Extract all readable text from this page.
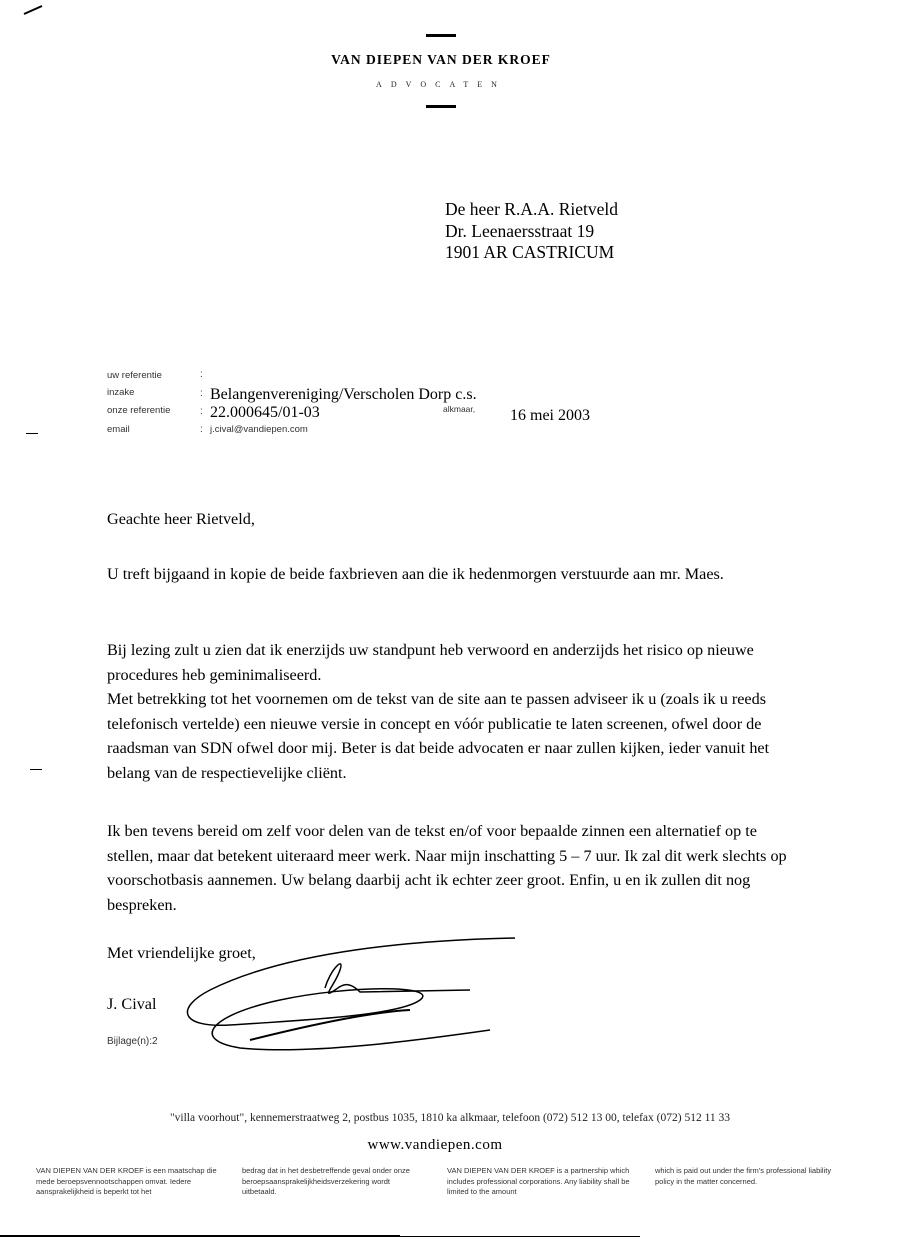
VAN DIEPEN VAN DER KROEF
ADVOCATEN
De heer R.A.A. Rietveld
Dr. Leenaersstraat 19
1901 AR CASTRICUM
uw referentie	:
inzake	: Belangenvereniging/Verscholen Dorp c.s.
onze referentie	: 22.000645/01-03
email	: j.cival@vandiepen.com
alkmaar, 16 mei 2003
Geachte heer Rietveld,
U treft bijgaand in kopie de beide faxbrieven aan die ik hedenmorgen verstuurde aan mr. Maes.

Bij lezing zult u zien dat ik enerzijds uw standpunt heb verwoord en anderzijds het risico op nieuwe procedures heb geminimaliseerd.

Met betrekking tot het voornemen om de tekst van de site aan te passen adviseer ik u (zoals ik u reeds telefonisch vertelde) een nieuwe versie in concept en vóór publicatie te laten screenen, ofwel door de raadsman van SDN ofwel door mij. Beter is dat beide advocaten er naar zullen kijken, ieder vanuit het belang van de respectievelijke cliënt.

Ik ben tevens bereid om zelf voor delen van de tekst en/of voor bepaalde zinnen een alternatief op te stellen, maar dat betekent uiteraard meer werk. Naar mijn inschatting 5 – 7 uur. Ik zal dit werk slechts op voorschotbasis aannemen. Uw belang daarbij acht ik echter zeer groot. Enfin, u en ik zullen dit nog bespreken.
Met vriendelijke groet,
J. Cival
Bijlage(n):2
"villa voorhout", kennemerstraatweg 2, postbus 1035, 1810 ka alkmaar, telefoon (072) 512 13 00, telefax (072) 512 11 33
www.vandiepen.com
VAN DIEPEN VAN DER KROEF is een maatschap die mede beroepsvennootschappen omvat. Iedere aansprakelijkheid is beperkt tot het
bedrag dat in het desbetreffende geval onder onze beroepsaansprakelijkheidsverzekering wordt uitbetaald.
VAN DIEPEN VAN DER KROEF is a partnership which includes professional corporations. Any liability shall be limited to the amount
which is paid out under the firm's professional liability policy in the matter concerned.
